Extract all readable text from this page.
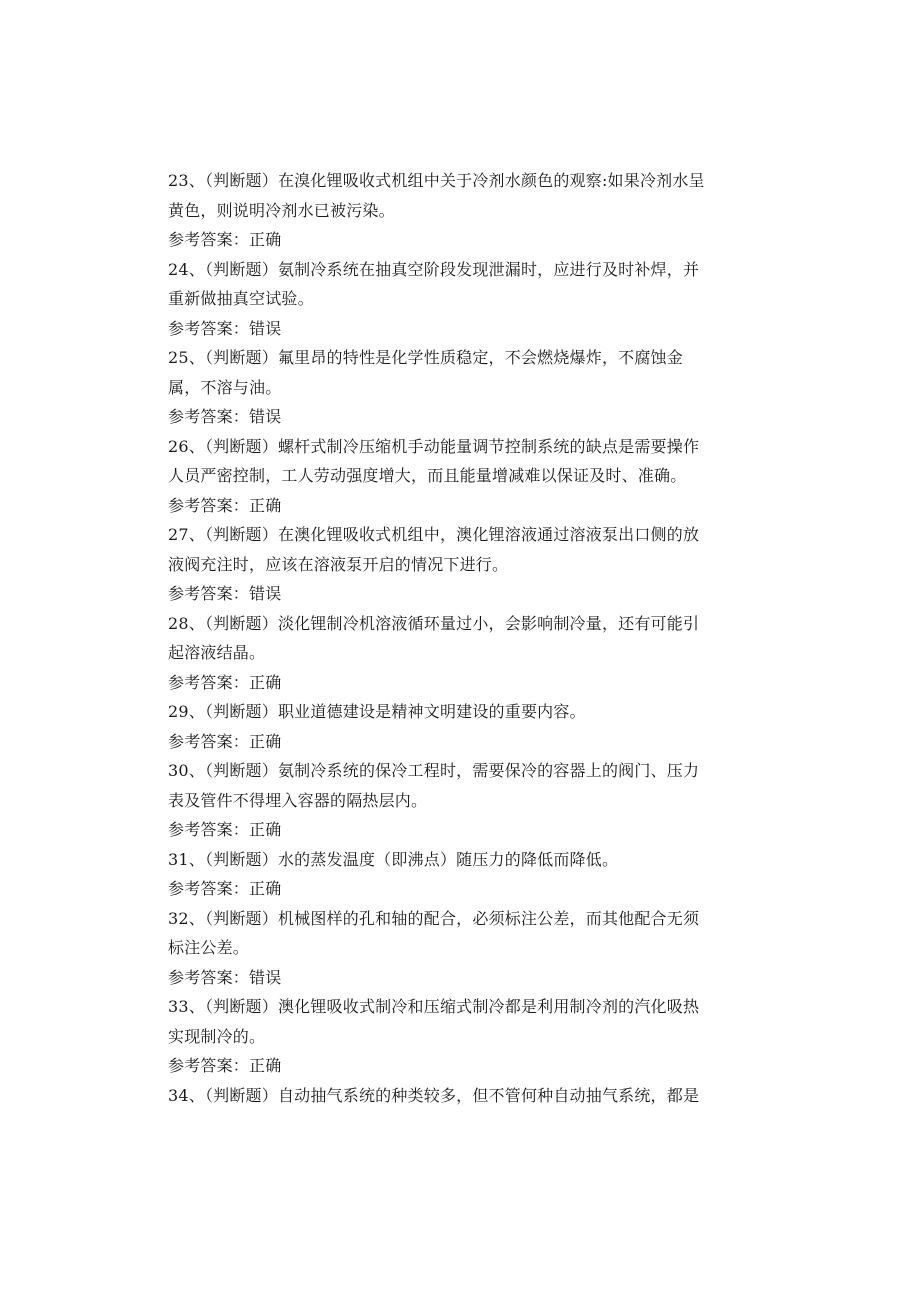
23、（判断题）在溴化锂吸收式机组中关于冷剂水颜色的观察:如果冷剂水呈
黄色，则说明冷剂水已被污染。
参考答案：正确
24、（判断题）氨制冷系统在抽真空阶段发现泄漏时，应进行及时补焊，并
重新做抽真空试验。
参考答案：错误
25、（判断题）氟里昂的特性是化学性质稳定，不会燃烧爆炸，不腐蚀金
属，不溶与油。
参考答案：错误
26、（判断题）螺杆式制冷压缩机手动能量调节控制系统的缺点是需要操作
人员严密控制，工人劳动强度增大，而且能量增减难以保证及时、准确。
参考答案：正确
27、（判断题）在澳化锂吸收式机组中，澳化锂溶液通过溶液泵出口侧的放
液阀充注时，应该在溶液泵开启的情况下进行。
参考答案：错误
28、（判断题）淡化锂制冷机溶液循环量过小，会影响制冷量，还有可能引
起溶液结晶。
参考答案：正确
29、（判断题）职业道德建设是精神文明建设的重要内容。
参考答案：正确
30、（判断题）氨制冷系统的保冷工程时，需要保冷的容器上的阀门、压力
表及管件不得埋入容器的隔热层内。
参考答案：正确
31、（判断题）水的蒸发温度（即沸点）随压力的降低而降低。
参考答案：正确
32、（判断题）机械图样的孔和轴的配合，必须标注公差，而其他配合无须
标注公差。
参考答案：错误
33、（判断题）澳化锂吸收式制冷和压缩式制冷都是利用制冷剂的汽化吸热
实现制冷的。
参考答案：正确
34、（判断题）自动抽气系统的种类较多，但不管何种自动抽气系统，都是
